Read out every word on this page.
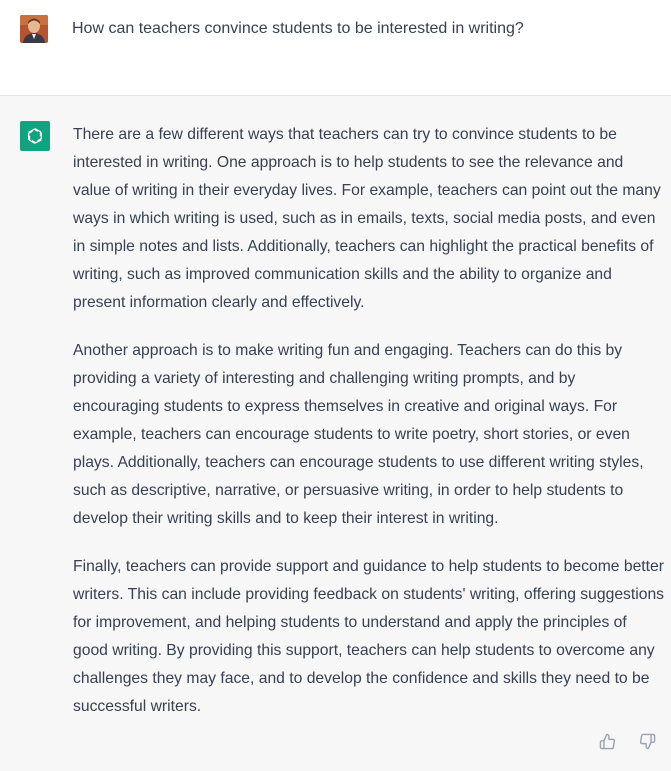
How can teachers convince students to be interested in writing?

There are a few different ways that teachers can try to convince students to be interested in writing. One approach is to help students to see the relevance and value of writing in their everyday lives. For example, teachers can point out the many ways in which writing is used, such as in emails, texts, social media posts, and even in simple notes and lists. Additionally, teachers can highlight the practical benefits of writing, such as improved communication skills and the ability to organize and present information clearly and effectively.

Another approach is to make writing fun and engaging. Teachers can do this by providing a variety of interesting and challenging writing prompts, and by encouraging students to express themselves in creative and original ways. For example, teachers can encourage students to write poetry, short stories, or even plays. Additionally, teachers can encourage students to use different writing styles, such as descriptive, narrative, or persuasive writing, in order to help students to develop their writing skills and to keep their interest in writing.

Finally, teachers can provide support and guidance to help students to become better writers. This can include providing feedback on students' writing, offering suggestions for improvement, and helping students to understand and apply the principles of good writing. By providing this support, teachers can help students to overcome any challenges they may face, and to develop the confidence and skills they need to be successful writers.
